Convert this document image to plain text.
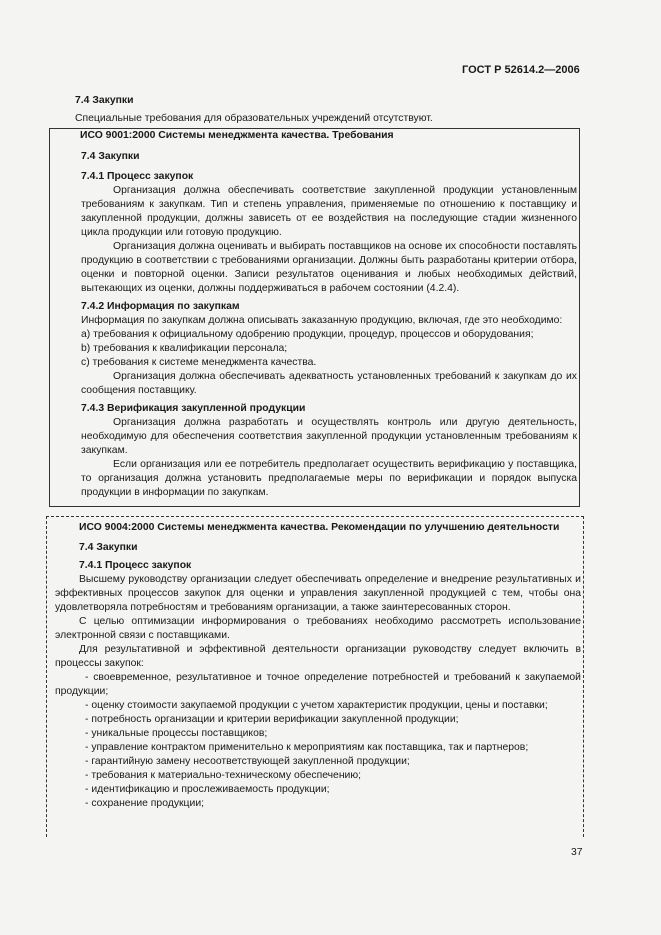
ГОСТ Р 52614.2—2006
7.4 Закупки
Специальные требования для образовательных учреждений отсутствуют.
ИСО 9001:2000 Системы менеджмента качества. Требования
7.4 Закупки
7.4.1 Процесс закупок
Организация должна обеспечивать соответствие закупленной продукции установленным требованиям к закупкам. Тип и степень управления, применяемые по отношению к поставщику и закупленной продукции, должны зависеть от ее воздействия на последующие стадии жизненного цикла продукции или готовую продукцию.
Организация должна оценивать и выбирать поставщиков на основе их способности поставлять продукцию в соответствии с требованиями организации. Должны быть разработаны критерии отбора, оценки и повторной оценки. Записи результатов оценивания и любых необходимых действий, вытекающих из оценки, должны поддерживаться в рабочем состоянии (4.2.4).
7.4.2 Информация по закупкам
Информация по закупкам должна описывать заказанную продукцию, включая, где это необходимо:
a) требования к официальному одобрению продукции, процедур, процессов и оборудования;
b) требования к квалификации персонала;
c) требования к системе менеджмента качества.
Организация должна обеспечивать адекватность установленных требований к закупкам до их сообщения поставщику.
7.4.3 Верификация закупленной продукции
Организация должна разработать и осуществлять контроль или другую деятельность, необходимую для обеспечения соответствия закупленной продукции установленным требованиям к закупкам.
Если организация или ее потребитель предполагает осуществить верификацию у поставщика, то организация должна установить предполагаемые меры по верификации и порядок выпуска продукции в информации по закупкам.
ИСО 9004:2000 Системы менеджмента качества. Рекомендации по улучшению деятельности
7.4 Закупки
7.4.1 Процесс закупок
Высшему руководству организации следует обеспечивать определение и внедрение результативных и эффективных процессов закупок для оценки и управления закупленной продукцией с тем, чтобы она удовлетворяла потребностям и требованиям организации, а также заинтересованных сторон.
С целью оптимизации информирования о требованиях необходимо рассмотреть использование электронной связи с поставщиками.
Для результативной и эффективной деятельности организации руководству следует включить в процессы закупок:
- своевременное, результативное и точное определение потребностей и требований к закупаемой продукции;
- оценку стоимости закупаемой продукции с учетом характеристик продукции, цены и поставки;
- потребность организации и критерии верификации закупленной продукции;
- уникальные процессы поставщиков;
- управление контрактом применительно к мероприятиям как поставщика, так и партнеров;
- гарантийную замену несоответствующей закупленной продукции;
- требования к материально-техническому обеспечению;
- идентификацию и прослеживаемость продукции;
- сохранение продукции;
37
